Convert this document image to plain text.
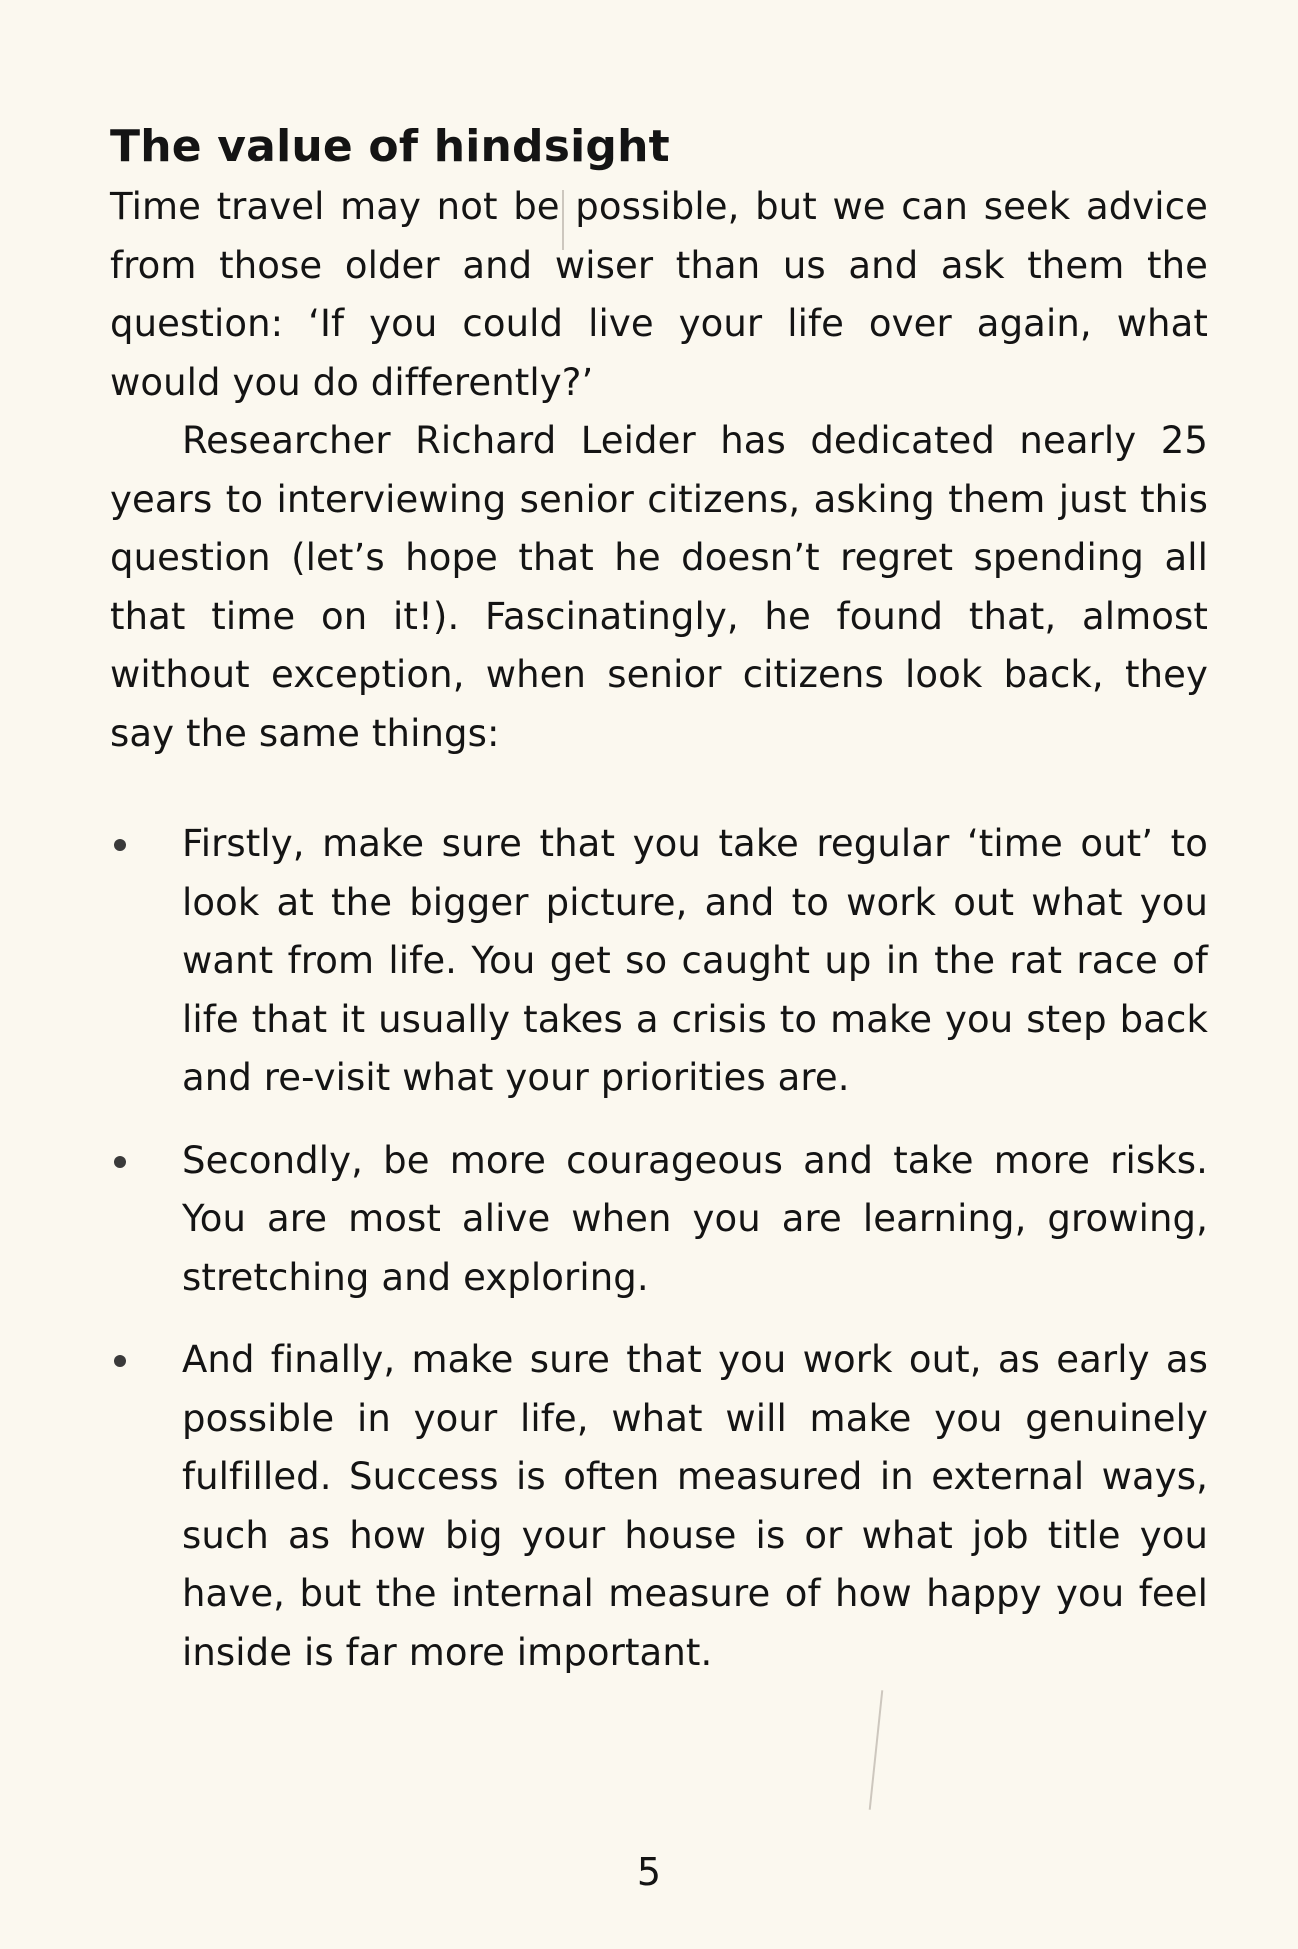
The value of hindsight

Time travel may not be possible, but we can seek advice from those older and wiser than us and ask them the question: ‘If you could live your life over again, what would you do differently?’

Researcher Richard Leider has dedicated nearly 25 years to interviewing senior citizens, asking them just this question (let’s hope that he doesn’t regret spending all that time on it!). Fascinatingly, he found that, almost without exception, when senior citizens look back, they say the same things:

Firstly, make sure that you take regular ‘time out’ to look at the bigger picture, and to work out what you want from life. You get so caught up in the rat race of life that it usually takes a crisis to make you step back and re-visit what your priorities are.
Secondly, be more courageous and take more risks. You are most alive when you are learning, growing, stretching and exploring.
And finally, make sure that you work out, as early as possible in your life, what will make you genuinely fulfilled. Success is often measured in external ways, such as how big your house is or what job title you have, but the internal measure of how happy you feel inside is far more important.
5
